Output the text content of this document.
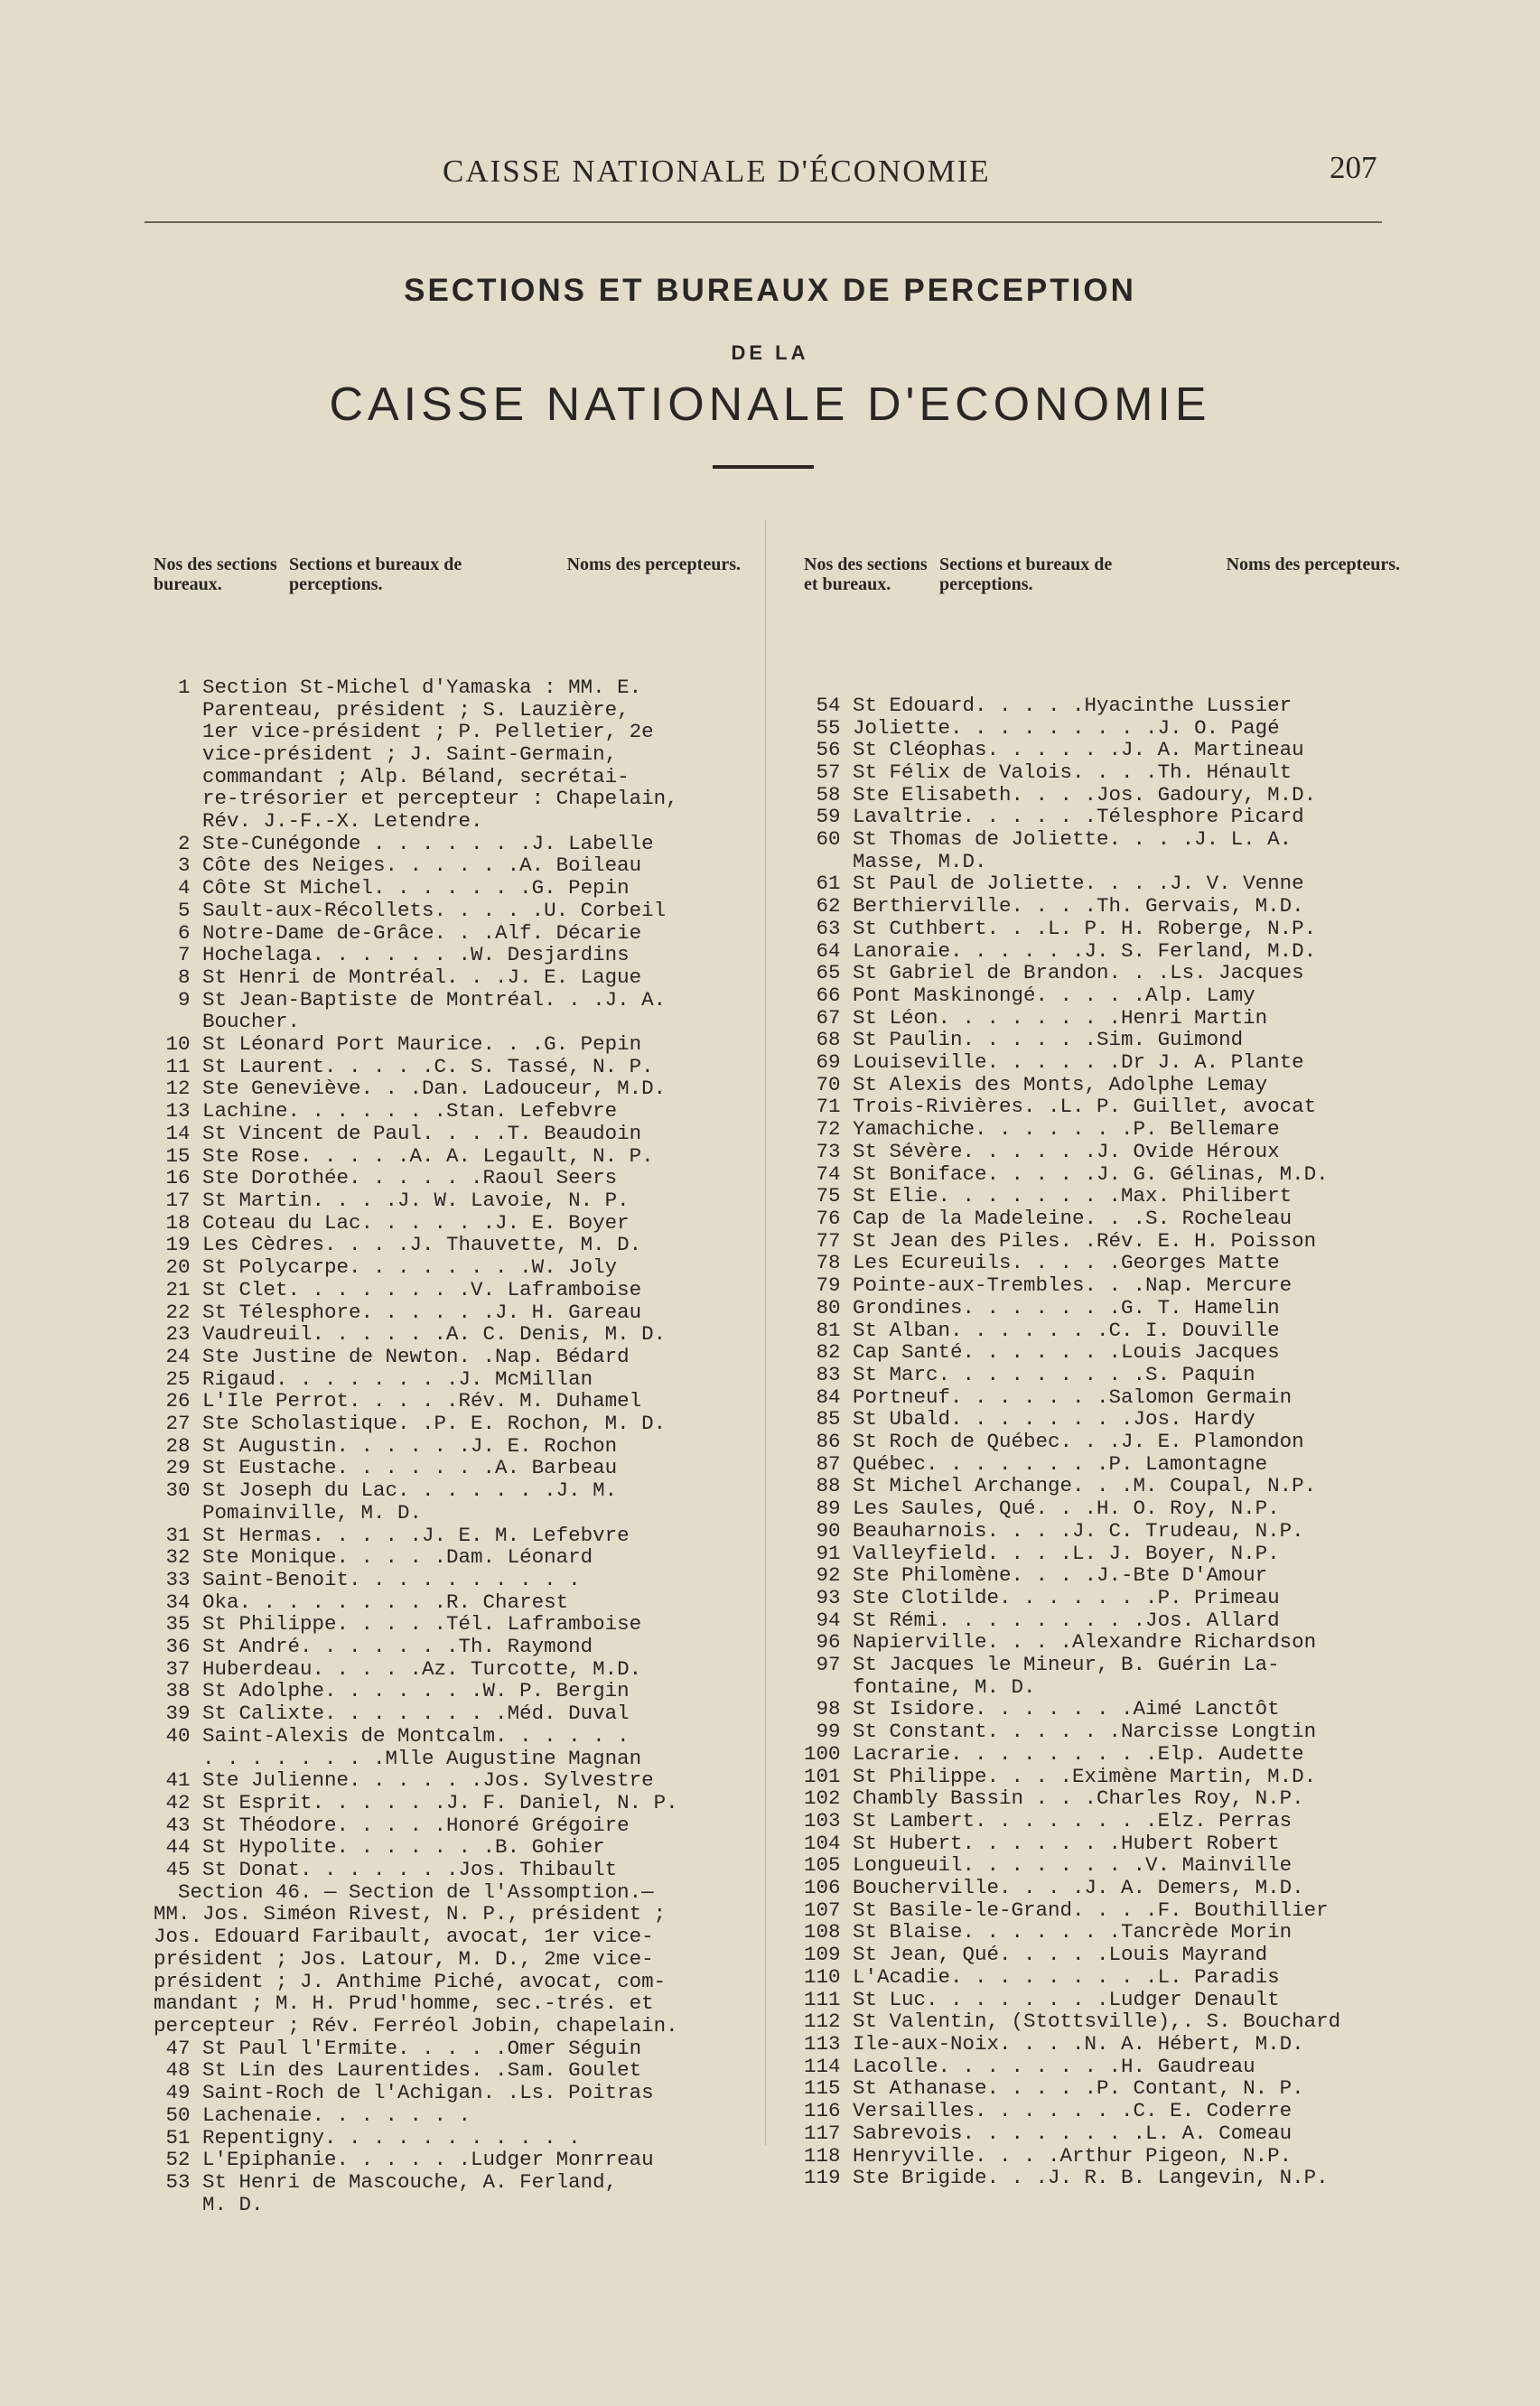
CAISSE NATIONALE D'ÉCONOMIE	207
SECTIONS ET BUREAUX DE PERCEPTION
DE LA
CAISSE NATIONALE D'ECONOMIE

Nos des sections bureaux.
Sections et bureaux de perceptions.
Noms des percepteurs.

1 Section St-Michel d'Yamaska : MM. E.
Parenteau, président ; S. Lauzière,
1er vice-président ; P. Pelletier, 2e
vice-président ; J. Saint-Germain,
commandant ; Alp. Béland, secrétai-
re-trésorier et percepteur : Chapelain,
Rév. J.-F.-X. Letendre.
2 Ste-Cunégonde . . . . . . .J. Labelle
3 Côte des Neiges. . . . . .A. Boileau
4 Côte St Michel. . . . . . .G. Pepin
5 Sault-aux-Récollets. . . . .U. Corbeil
6 Notre-Dame de-Grâce. . .Alf. Décarie
7 Hochelaga. . . . . . .W. Desjardins
8 St Henri de Montréal. . .J. E. Lague
9 St Jean-Baptiste de Montréal. . .J. A.
Boucher.
10 St Léonard Port Maurice. . .G. Pepin
11 St Laurent. . . . .C. S. Tassé, N. P.
12 Ste Geneviève. . .Dan. Ladouceur, M.D.
13 Lachine. . . . . . .Stan. Lefebvre
14 St Vincent de Paul. . . .T. Beaudoin
15 Ste Rose. . . . .A. A. Legault, N. P.
16 Ste Dorothée. . . . . .Raoul Seers
17 St Martin. . . .J. W. Lavoie, N. P.
18 Coteau du Lac. . . . . .J. E. Boyer
19 Les Cèdres. . . .J. Thauvette, M. D.
20 St Polycarpe. . . . . . . .W. Joly
21 St Clet. . . . . . . .V. Laframboise
22 St Télesphore. . . . . .J. H. Gareau
23 Vaudreuil. . . . . .A. C. Denis, M. D.
24 Ste Justine de Newton. .Nap. Bédard
25 Rigaud. . . . . . . .J. McMillan
26 L'Ile Perrot. . . . .Rév. M. Duhamel
27 Ste Scholastique. .P. E. Rochon, M. D.
28 St Augustin. . . . . .J. E. Rochon
29 St Eustache. . . . . . .A. Barbeau
30 St Joseph du Lac. . . . . . .J. M.
Pomainville, M. D.
31 St Hermas. . . . .J. E. M. Lefebvre
32 Ste Monique. . . . .Dam. Léonard
33 Saint-Benoit. . . . . . . . . .
34 Oka. . . . . . . . .R. Charest
35 St Philippe. . . . .Tél. Laframboise
36 St André. . . . . . .Th. Raymond
37 Huberdeau. . . . .Az. Turcotte, M.D.
38 St Adolphe. . . . . . .W. P. Bergin
39 St Calixte. . . . . . . .Méd. Duval
40 Saint-Alexis de Montcalm. . . . . .
. . . . . . . .Mlle Augustine Magnan
41 Ste Julienne. . . . . .Jos. Sylvestre
42 St Esprit. . . . . .J. F. Daniel, N. P.
43 St Théodore. . . . .Honoré Grégoire
44 St Hypolite. . . . . . .B. Gohier
45 St Donat. . . . . . .Jos. Thibault
Section 46. — Section de l'Assomption.—
MM. Jos. Siméon Rivest, N. P., président ;
Jos. Edouard Faribault, avocat, 1er vice-
président ; Jos. Latour, M. D., 2me vice-
président ; J. Anthime Piché, avocat, com-
mandant ; M. H. Prud'homme, sec.-trés. et
percepteur ; Rév. Ferréol Jobin, chapelain.
47 St Paul l'Ermite. . . . .Omer Séguin
48 St Lin des Laurentides. .Sam. Goulet
49 Saint-Roch de l'Achigan. .Ls. Poitras
50 Lachenaie. . . . . . .
51 Repentigny. . . . . . . . . . .
52 L'Epiphanie. . . . . .Ludger Monrreau
53 St Henri de Mascouche, A. Ferland,
M. D.

Nos des sections et bureaux.
Sections et bureaux de perceptions.
Noms des percepteurs.

54 St Edouard. . . . .Hyacinthe Lussier
55 Joliette. . . . . . . . .J. O. Pagé
56 St Cléophas. . . . . .J. A. Martineau
57 St Félix de Valois. . . .Th. Hénault
58 Ste Elisabeth. . . .Jos. Gadoury, M.D.
59 Lavaltrie. . . . . .Télesphore Picard
60 St Thomas de Joliette. . . .J. L. A.
Masse, M.D.
61 St Paul de Joliette. . . .J. V. Venne
62 Berthierville. . . .Th. Gervais, M.D.
63 St Cuthbert. . .L. P. H. Roberge, N.P.
64 Lanoraie. . . . . .J. S. Ferland, M.D.
65 St Gabriel de Brandon. . .Ls. Jacques
66 Pont Maskinongé. . . . .Alp. Lamy
67 St Léon. . . . . . . .Henri Martin
68 St Paulin. . . . . .Sim. Guimond
69 Louiseville. . . . . .Dr J. A. Plante
70 St Alexis des Monts, Adolphe Lemay
71 Trois-Rivières. .L. P. Guillet, avocat
72 Yamachiche. . . . . . .P. Bellemare
73 St Sévère. . . . . .J. Ovide Héroux
74 St Boniface. . . . .J. G. Gélinas, M.D.
75 St Elie. . . . . . . .Max. Philibert
76 Cap de la Madeleine. . .S. Rocheleau
77 St Jean des Piles. .Rév. E. H. Poisson
78 Les Ecureuils. . . . .Georges Matte
79 Pointe-aux-Trembles. . .Nap. Mercure
80 Grondines. . . . . . .G. T. Hamelin
81 St Alban. . . . . . .C. I. Douville
82 Cap Santé. . . . . . .Louis Jacques
83 St Marc. . . . . . . . .S. Paquin
84 Portneuf. . . . . . .Salomon Germain
85 St Ubald. . . . . . . .Jos. Hardy
86 St Roch de Québec. . .J. E. Plamondon
87 Québec. . . . . . . .P. Lamontagne
88 St Michel Archange. . .M. Coupal, N.P.
89 Les Saules, Qué. . .H. O. Roy, N.P.
90 Beauharnois. . . .J. C. Trudeau, N.P.
91 Valleyfield. . . .L. J. Boyer, N.P.
92 Ste Philomène. . . .J.-Bte D'Amour
93 Ste Clotilde. . . . . . .P. Primeau
94 St Rémi. . . . . . . . .Jos. Allard
96 Napierville. . . .Alexandre Richardson
97 St Jacques le Mineur, B. Guérin La-
fontaine, M. D.
98 St Isidore. . . . . . .Aimé Lanctôt
99 St Constant. . . . . .Narcisse Longtin
100 Lacrarie. . . . . . . . .Elp. Audette
101 St Philippe. . . .Eximène Martin, M.D.
102 Chambly Bassin . . .Charles Roy, N.P.
103 St Lambert. . . . . . . .Elz. Perras
104 St Hubert. . . . . . .Hubert Robert
105 Longueuil. . . . . . . .V. Mainville
106 Boucherville. . . .J. A. Demers, M.D.
107 St Basile-le-Grand. . . .F. Bouthillier
108 St Blaise. . . . . . .Tancrède Morin
109 St Jean, Qué. . . . .Louis Mayrand
110 L'Acadie. . . . . . . . .L. Paradis
111 St Luc. . . . . . . .Ludger Denault
112 St Valentin, (Stottsville),. S. Bouchard
113 Ile-aux-Noix. . . .N. A. Hébert, M.D.
114 Lacolle. . . . . . . .H. Gaudreau
115 St Athanase. . . . .P. Contant, N. P.
116 Versailles. . . . . . .C. E. Coderre
117 Sabrevois. . . . . . . .L. A. Comeau
118 Henryville. . . .Arthur Pigeon, N.P.
119 Ste Brigide. . .J. R. B. Langevin, N.P.
